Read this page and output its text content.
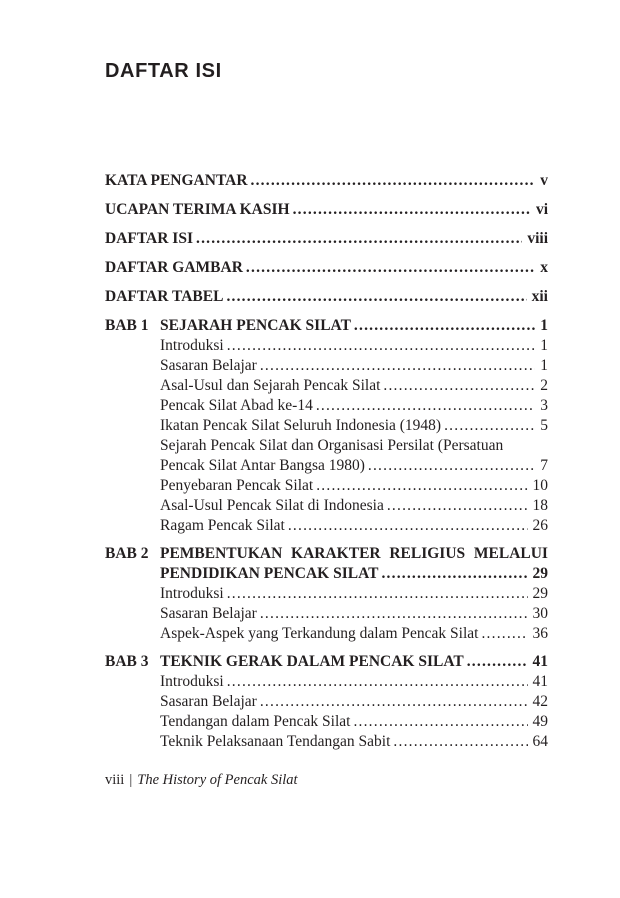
DAFTAR ISI
KATA PENGANTAR .....	v
UCAPAN TERIMA KASIH .....	vi
DAFTAR ISI .....	viii
DAFTAR GAMBAR .....	x
DAFTAR TABEL .....	xii
BAB 1 SEJARAH PENCAK SILAT .....	1
Introduksi .....	1
Sasaran Belajar .....	1
Asal-Usul dan Sejarah Pencak Silat .....	2
Pencak Silat Abad ke-14 .....	3
Ikatan Pencak Silat Seluruh Indonesia (1948) .....	5
Sejarah Pencak Silat dan Organisasi Persilat (Persatuan
Pencak Silat Antar Bangsa 1980) .....	7
Penyebaran Pencak Silat .....	10
Asal-Usul Pencak Silat di Indonesia .....	18
Ragam Pencak Silat .....	26
BAB 2 PEMBENTUKAN KARAKTER RELIGIUS MELALUI
PENDIDIKAN PENCAK SILAT .....	29
Introduksi .....	29
Sasaran Belajar .....	30
Aspek-Aspek yang Terkandung dalam Pencak Silat .....	36
BAB 3 TEKNIK GERAK DALAM PENCAK SILAT .....	41
Introduksi .....	41
Sasaran Belajar .....	42
Tendangan dalam Pencak Silat .....	49
Teknik Pelaksanaan Tendangan Sabit .....	64
viii | The History of Pencak Silat
